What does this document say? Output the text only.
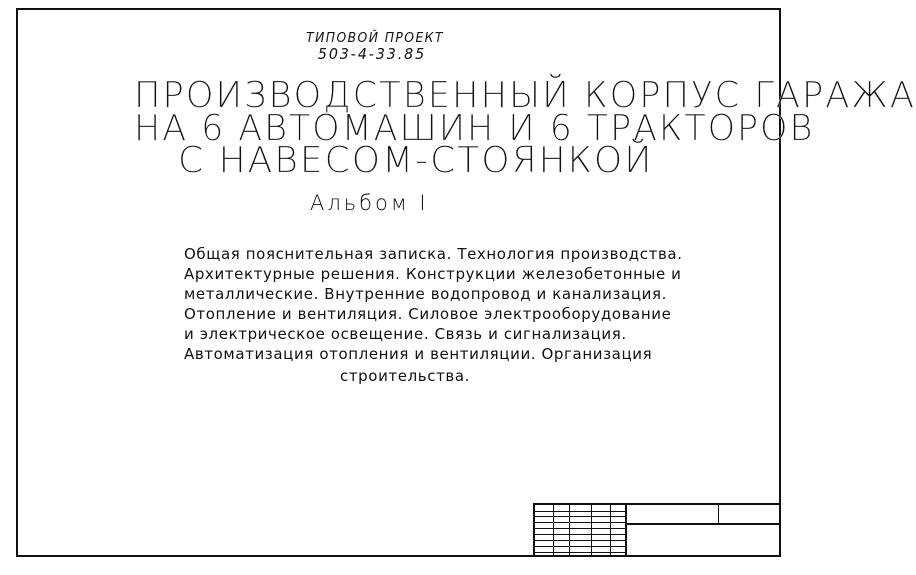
ТИПОВОЙ ПРОЕКТ
503-4-33.85
ПРОИЗВОДСТВЕННЫЙ КОРПУС ГАРАЖА
НА 6 АВТОМАШИН И 6 ТРАКТОРОВ
С НАВЕСОМ-СТОЯНКОЙ
Альбом I
Общая пояснительная записка. Технология производства.
Архитектурные решения. Конструкции железобетонные и
металлические. Внутренние водопровод и канализация.
Отопление и вентиляция. Силовое электрооборудование
и электрическое освещение. Связь и сигнализация.
Автоматизация отопления и вентиляции. Организация
строительства.
